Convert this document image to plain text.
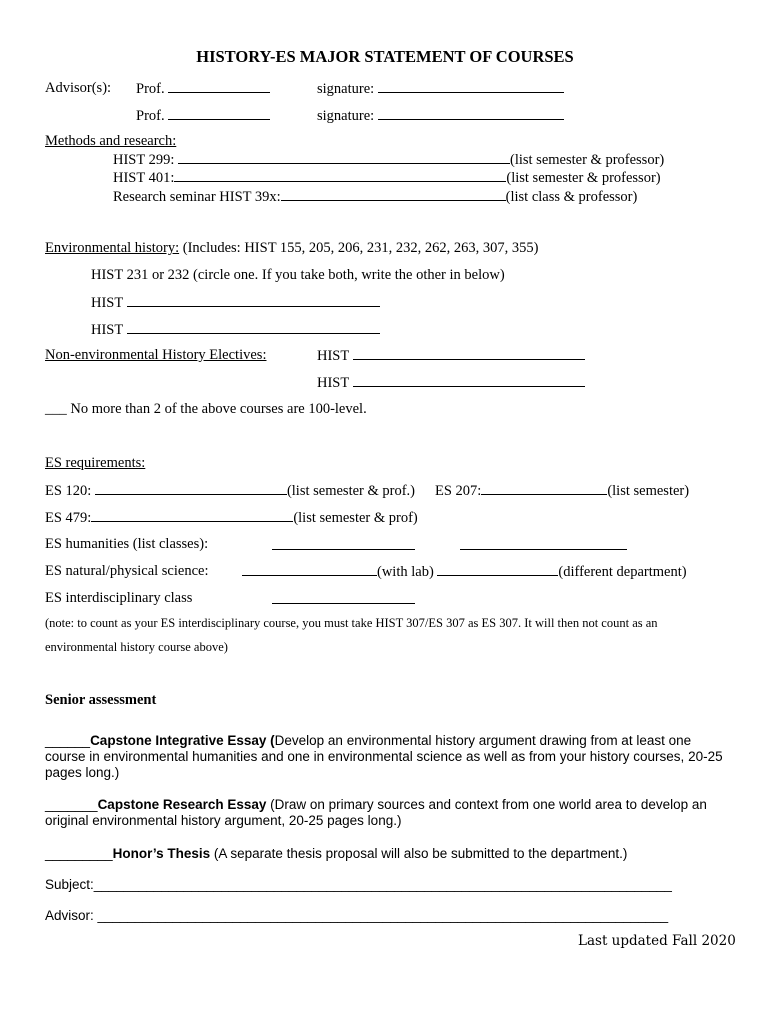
HISTORY-ES MAJOR STATEMENT OF COURSES
Advisor(s): Prof.	signature:
Prof.	signature:
Methods and research:
HIST 299:	(list semester & professor)
HIST 401:	(list semester & professor)
Research seminar HIST 39x:	(list class & professor)
Environmental history: (Includes: HIST 155, 205, 206, 231, 232, 262, 263, 307, 355)
HIST 231 or 232 (circle one. If you take both, write the other in below)
HIST
HIST
Non-environmental History Electives:	HIST
HIST
___ No more than 2 of the above courses are 100-level.
ES requirements:
ES 120:	(list semester & prof.) ES 207:	(list semester)
ES 479:	(list semester & prof)
ES humanities (list classes):
ES natural/physical science:	(with lab)	(different department)
ES interdisciplinary class
(note: to count as your ES interdisciplinary course, you must take HIST 307/ES 307 as ES 307. It will then not count as an
environmental history course above)
Senior assessment
______Capstone Integrative Essay (Develop an environmental history argument drawing from at least one course in environmental humanities and one in environmental science as well as from your history courses, 20-25 pages long.)
_______Capstone Research Essay (Draw on primary sources and context from one world area to develop an original environmental history argument, 20-25 pages long.)
_________Honor’s Thesis (A separate thesis proposal will also be submitted to the department.)
Subject:_____________________________________________________________________________
Advisor: ____________________________________________________________________________
Last updated Fall 2020
